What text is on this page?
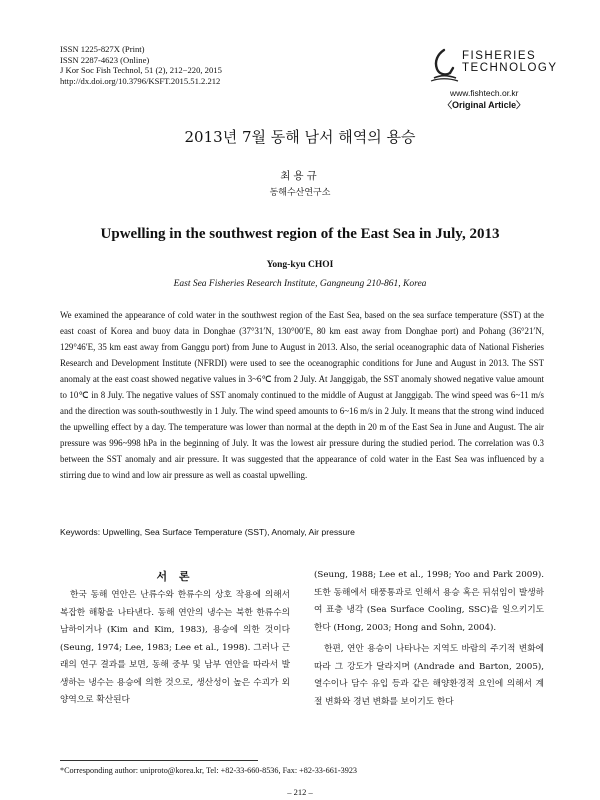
ISSN 1225-827X (Print)
ISSN 2287-4623 (Online)
J Kor Soc Fish Technol, 51 (2), 212−220, 2015
http://dx.doi.org/10.3796/KSFT.2015.51.2.212
FISHERIES
TECHNOLOGY
www.fishtech.or.kr
〈Original Article〉
2013년 7월 동해 남서 해역의 용승
최용규
동해수산연구소
Upwelling in the southwest region of the East Sea in July, 2013
Yong-kyu CHOI
East Sea Fisheries Research Institute, Gangneung 210-861, Korea
We examined the appearance of cold water in the southwest region of the East Sea, based on the sea surface temperature (SST) at the east coast of Korea and buoy data in Donghae (37°31′N, 130°00′E, 80 km east away from Donghae port) and Pohang (36°21′N, 129°46′E, 35 km east away from Ganggu port) from June to August in 2013. Also, the serial oceanographic data of National Fisheries Research and Development Institute (NFRDI) were used to see the oceanographic conditions for June and August in 2013. The SST anomaly at the east coast showed negative values in 3~6℃ from 2 July. At Janggigab, the SST anomaly showed negative value amount to 10℃ in 8 July. The negative values of SST anomaly continued to the middle of August at Janggigab. The wind speed was 6~11 m/s and the direction was south-southwestly in 1 July. The wind speed amounts to 6~16 m/s in 2 July. It means that the strong wind induced the upwelling effect by a day. The temperature was lower than normal at the depth in 20 m of the East Sea in June and August. The air pressure was 996~998 hPa in the beginning of July. It was the lowest air pressure during the studied period. The correlation was 0.3 between the SST anomaly and air pressure. It was suggested that the appearance of cold water in the East Sea was influenced by a stirring due to wind and low air pressure as well as coastal upwelling.
Keywords: Upwelling, Sea Surface Temperature (SST), Anomaly, Air pressure
서 론
한국 동해 연안은 난류수와 한류수의 상호 작용에 의해서 복잡한 해황을 나타낸다. 동해 연안의 냉수는 북한 한류수의 남하이거나 (Kim and Kim, 1983), 용승에 의한 것이다 (Seung, 1974; Lee, 1983; Lee et al., 1998). 그러나 근래의 연구 결과를 보면, 동해 중부 및 남부 연안을 따라서 발생하는 냉수는 용승에 의한 것으로, 생산성이 높은 수괴가 외양역으로 확산된다

(Seung, 1988; Lee et al., 1998; Yoo and Park 2009). 또한 동해에서 태풍통과로 인해서 용승 혹은 뒤섞임이 발생하여 표층 냉각 (Sea Surface Cooling, SSC)을 일으키기도 한다 (Hong, 2003; Hong and Sohn, 2004).

한편, 연안 용승이 나타나는 지역도 바람의 주기적 변화에 따라 그 강도가 달라지며 (Andrade and Barton, 2005), 열수이나 담수 유입 등과 같은 해양환경적 요인에 의해서 계절 변화와 경년 변화를 보이기도 한다

*Corresponding author: uniproto@korea.kr, Tel: +82-33-660-8536, Fax: +82-33-661-3923
– 212 –
